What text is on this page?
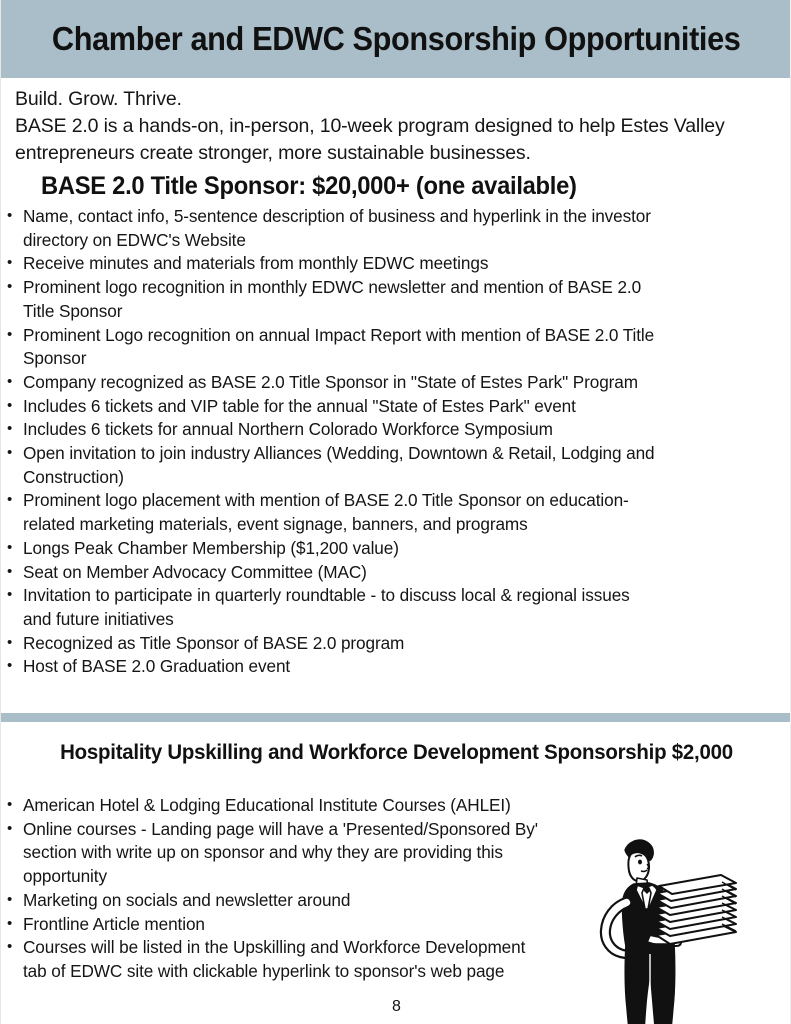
Chamber and EDWC Sponsorship Opportunities
Build. Grow. Thrive.
BASE 2.0 is a hands-on, in-person, 10-week program designed to help Estes Valley
entrepreneurs create stronger, more sustainable businesses.
BASE 2.0 Title Sponsor: $20,000+ (one available)
• Name, contact info, 5-sentence description of business and hyperlink in the investor directory on EDWC's Website
• Receive minutes and materials from monthly EDWC meetings
• Prominent logo recognition in monthly EDWC newsletter and mention of BASE 2.0 Title Sponsor
• Prominent Logo recognition on annual Impact Report with mention of BASE 2.0 Title Sponsor
• Company recognized as BASE 2.0 Title Sponsor in "State of Estes Park" Program
• Includes 6 tickets and VIP table for the annual "State of Estes Park" event
• Includes 6 tickets for annual Northern Colorado Workforce Symposium
• Open invitation to join industry Alliances (Wedding, Downtown & Retail, Lodging and Construction)
• Prominent logo placement with mention of BASE 2.0 Title Sponsor on education-related marketing materials, event signage, banners, and programs
• Longs Peak Chamber Membership ($1,200 value)
• Seat on Member Advocacy Committee (MAC)
• Invitation to participate in quarterly roundtable - to discuss local & regional issues and future initiatives
• Recognized as Title Sponsor of BASE 2.0 program
• Host of BASE 2.0 Graduation event
Hospitality Upskilling and Workforce Development Sponsorship $2,000
• American Hotel & Lodging Educational Institute Courses (AHLEI)
• Online courses - Landing page will have a 'Presented/Sponsored By' section with write up on sponsor and why they are providing this opportunity
• Marketing on socials and newsletter around
• Frontline Article mention
• Courses will be listed in the Upskilling and Workforce Development tab of EDWC site with clickable hyperlink to sponsor's web page
8
